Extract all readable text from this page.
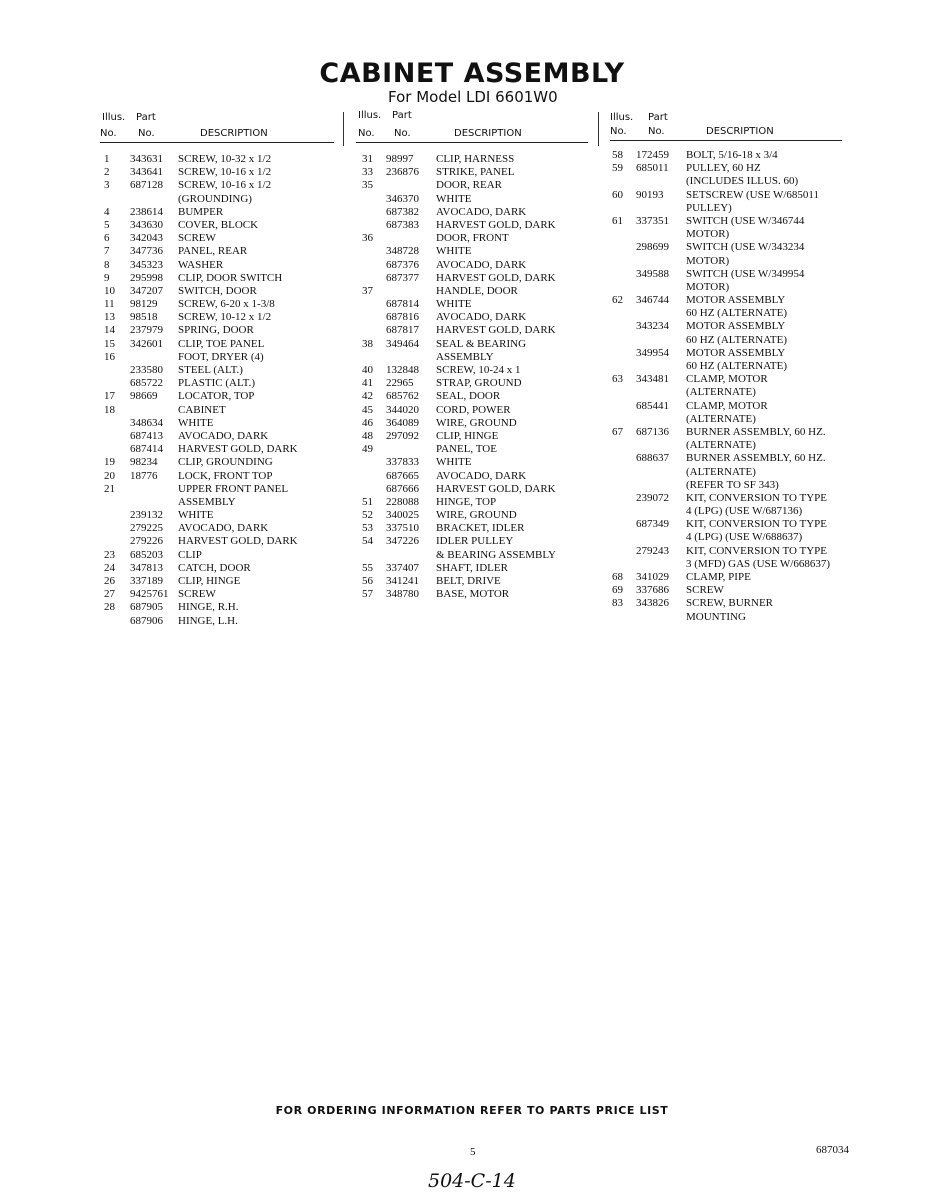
CABINET ASSEMBLY
For Model LDI 6601W0
Illus. Part
No. No.	DESCRIPTION
1 343631 SCREW, 10-32 x 1/2
2 343641 SCREW, 10-16 x 1/2
3 687128 SCREW, 10-16 x 1/2
(GROUNDING)
4 238614 BUMPER
5 343630 COVER, BLOCK
6 342043 SCREW
7 347736 PANEL, REAR
8 345323 WASHER
9 295998 CLIP, DOOR SWITCH
10 347207 SWITCH, DOOR
11 98129 SCREW, 6-20 x 1-3/8
13 98518 SCREW, 10-12 x 1/2
14 237979 SPRING, DOOR
15 342601 CLIP, TOE PANEL
16	FOOT, DRYER (4)
233580 STEEL (ALT.)
685722 PLASTIC (ALT.)
17 98669 LOCATOR, TOP
18	CABINET
348634 WHITE
687413 AVOCADO, DARK
687414 HARVEST GOLD, DARK
19 98234 CLIP, GROUNDING
20 18776 LOCK, FRONT TOP
21	UPPER FRONT PANEL
ASSEMBLY
239132 WHITE
279225 AVOCADO, DARK
279226 HARVEST GOLD, DARK
23 685203 CLIP
24 347813 CATCH, DOOR
26 337189 CLIP, HINGE
27 9425761 SCREW
28 687905 HINGE, R.H.
687906 HINGE, L.H.
Illus. Part
No. No.	DESCRIPTION
31 98997 CLIP, HARNESS
33 236876 STRIKE, PANEL
35	DOOR, REAR
346370 WHITE
687382 AVOCADO, DARK
687383 HARVEST GOLD, DARK
36	DOOR, FRONT
348728 WHITE
687376 AVOCADO, DARK
687377 HARVEST GOLD, DARK
37	HANDLE, DOOR
687814 WHITE
687816 AVOCADO, DARK
687817 HARVEST GOLD, DARK
38 349464 SEAL & BEARING
ASSEMBLY
40 132848 SCREW, 10-24 x 1
41 22965 STRAP, GROUND
42 685762 SEAL, DOOR
45 344020 CORD, POWER
46 364089 WIRE, GROUND
48 297092 CLIP, HINGE
49	PANEL, TOE
337833 WHITE
687665 AVOCADO, DARK
687666 HARVEST GOLD, DARK
51 228088 HINGE, TOP
52 340025 WIRE, GROUND
53 337510 BRACKET, IDLER
54 347226 IDLER PULLEY
& BEARING ASSEMBLY
55 337407 SHAFT, IDLER
56 341241 BELT, DRIVE
57 348780 BASE, MOTOR
Illus. Part
No. No.	DESCRIPTION
58 172459 BOLT, 5/16-18 x 3/4
59 685011 PULLEY, 60 HZ
(INCLUDES ILLUS. 60)
60 90193 SETSCREW (USE W/685011
PULLEY)
61 337351 SWITCH (USE W/346744
MOTOR)
298699 SWITCH (USE W/343234
MOTOR)
349588 SWITCH (USE W/349954
MOTOR)
62 346744 MOTOR ASSEMBLY
60 HZ (ALTERNATE)
343234 MOTOR ASSEMBLY
60 HZ (ALTERNATE)
349954 MOTOR ASSEMBLY
60 HZ (ALTERNATE)
63 343481 CLAMP, MOTOR
(ALTERNATE)
685441 CLAMP, MOTOR
(ALTERNATE)
67 687136 BURNER ASSEMBLY, 60 HZ.
(ALTERNATE)
688637 BURNER ASSEMBLY, 60 HZ.
(ALTERNATE)
(REFER TO SF 343)
239072 KIT, CONVERSION TO TYPE
4 (LPG) (USE W/687136)
687349 KIT, CONVERSION TO TYPE
4 (LPG) (USE W/688637)
279243 KIT, CONVERSION TO TYPE
3 (MFD) GAS (USE W/668637)
68 341029 CLAMP, PIPE
69 337686 SCREW
83 343826 SCREW, BURNER
MOUNTING
FOR ORDERING INFORMATION REFER TO PARTS PRICE LIST
5	687034
504-C-14
